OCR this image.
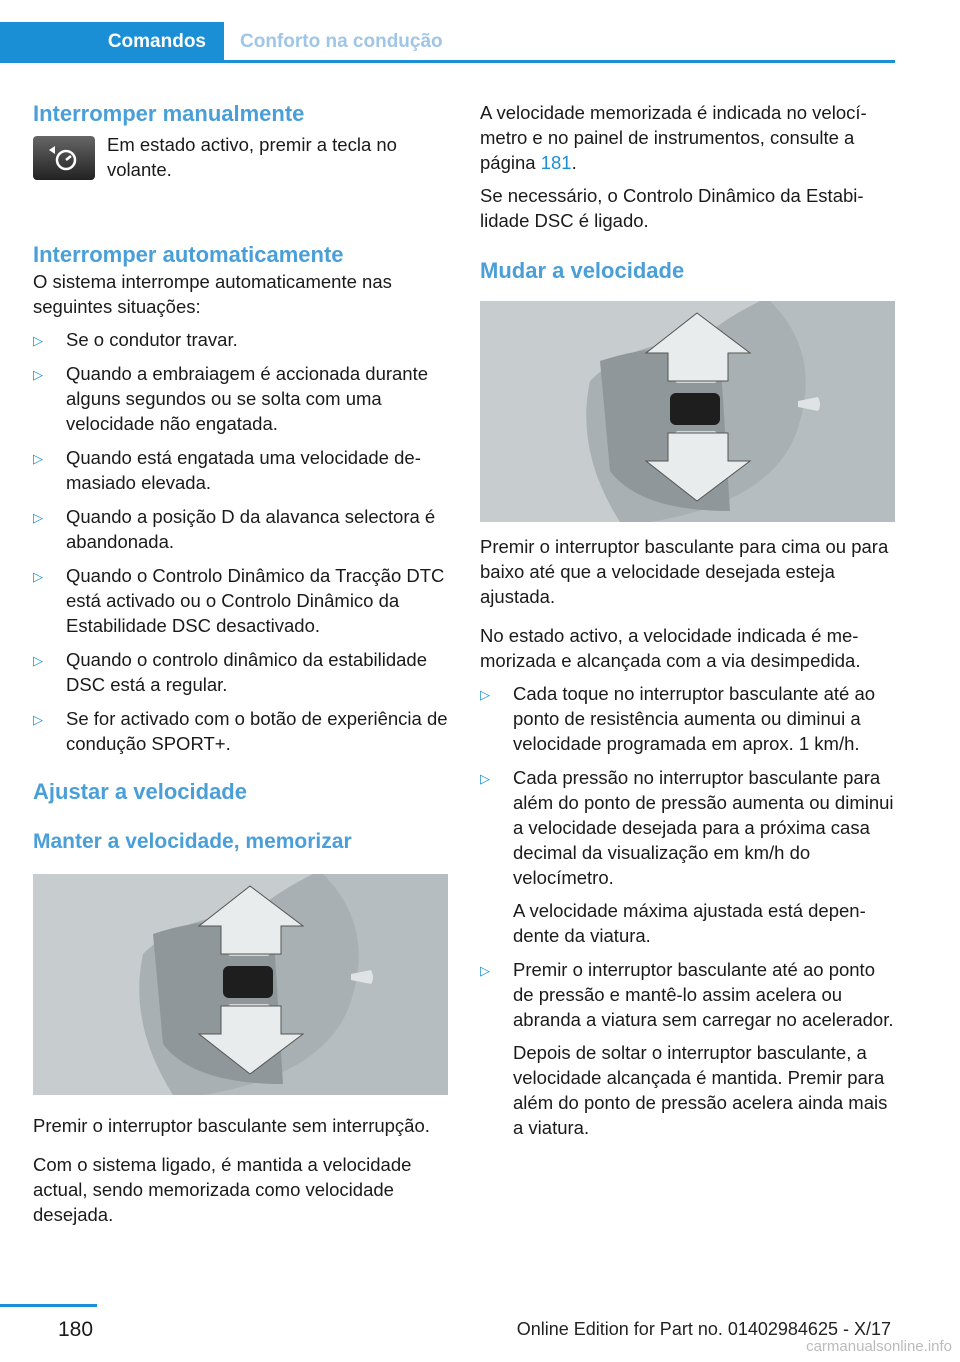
Comandos	Conforto na condução
Interromper manualmente

Em estado activo, premir a tecla no volante.

Interromper automaticamente

O sistema interrompe automaticamente nas seguintes situações:

▷ Se o condutor travar.
▷ Quando a embraiagem é accionada durante alguns segundos ou se solta com uma velocidade não engatada.
▷ Quando está engatada uma velocidade demasiado elevada.
▷ Quando a posição D da alavanca selectora é abandonada.
▷ Quando o Controlo Dinâmico da Tracção DTC está activado ou o Controlo Dinâmico da Estabilidade DSC desactivado.
▷ Quando o controlo dinâmico da estabilidade DSC está a regular.
▷ Se for activado com o botão de experiência de condução SPORT+.
Ajustar a velocidade
Manter a velocidade, memorizar

Premir o interruptor basculante sem interrupção.

Com o sistema ligado, é mantida a velocidade actual, sendo memorizada como velocidade desejada.

A velocidade memorizada é indicada no velocímetro e no painel de instrumentos, consulte a página 181.

Se necessário, o Controlo Dinâmico da Estabilidade DSC é ligado.

Mudar a velocidade

Premir o interruptor basculante para cima ou para baixo até que a velocidade desejada esteja ajustada.

No estado activo, a velocidade indicada é memorizada e alcançada com a via desimpedida.

▷ Cada toque no interruptor basculante até ao ponto de resistência aumenta ou diminui a velocidade programada em aprox. 1 km/h.
▷ Cada pressão no interruptor basculante para além do ponto de pressão aumenta ou diminui a velocidade desejada para a próxima casa decimal da visualização em km/h do velocímetro.

A velocidade máxima ajustada está dependente da viatura.

▷ Premir o interruptor basculante até ao ponto de pressão e mantê-lo assim acelera ou abranda a viatura sem carregar no acelerador.

Depois de soltar o interruptor basculante, a velocidade alcançada é mantida. Premir para além do ponto de pressão acelera ainda mais a viatura.

180	Online Edition for Part no. 01402984625 - X/17
carmanualsonline.info
